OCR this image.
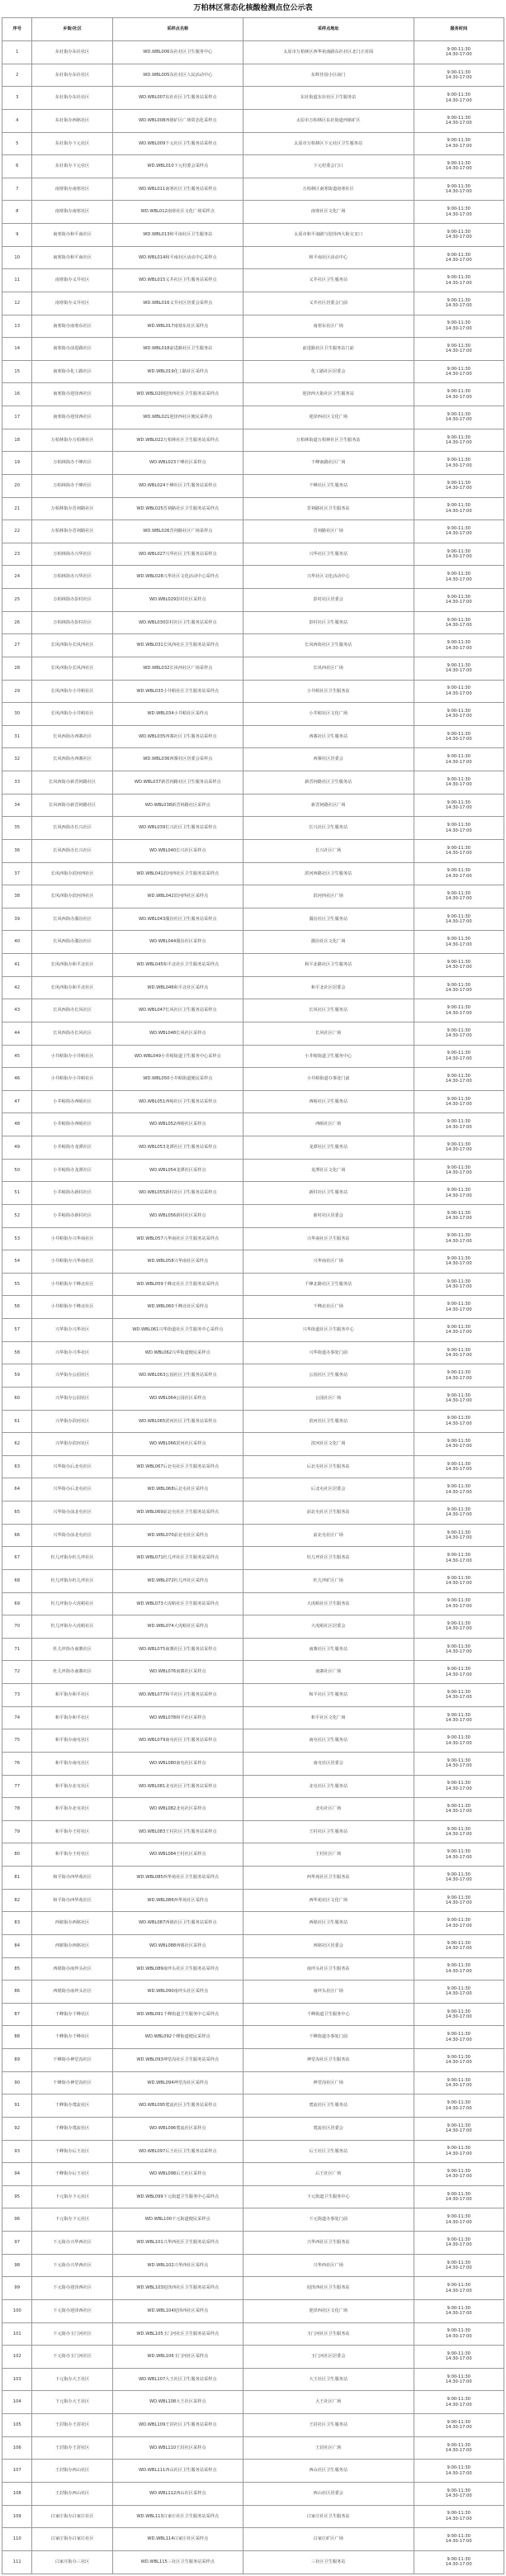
万柏林区常态化核酸检测点位公示表
序号	乡街/社区	采样点名称	采样点地址	服务时间
1	东社街办东社社区	WD.WBL006东社社区卫生服务中心	太原市万柏林区西华苑南路东社社区北门正对面	9:00-11:30
14:30-17:00
2	东社街办东社社区	WD.WBL005东社社区人民活动中心	东辉佳园小区南门	9:00-11:30
14:30-17:00
3	东社街办东社社区	WD.WBL007东社社区卫生服务站采样点	东社街道东社社区卫生服务站	9:00-11:30
14:30-17:00
4	东社街办西铭社区	WD.WBL008西铭矿区广场常态化采样点	太原市万柏林区东社街道西铭矿区	9:00-11:30
14:30-17:00
5	东社街办下元社区	WD.WBL009下元社区卫生服务站采样点	太原市万柏林区下元社区卫生服务站	9:00-11:30
14:30-17:00
6	东社街办下元社区	WD.WBL010下元村委会采样点	下元村委会门口	9:00-11:30
14:30-17:00
7	南寒街办南寒社区	WD.WBL011南寒社区卫生服务站采样点	万柏林区南寒街道南寒社区	9:00-11:30
14:30-17:00
8	南寒街办南寒社区	WD.WBL012南寒社区文化广场采样点	南寒社区文化广场	9:00-11:30
14:30-17:00
9	南寒街办和平南社区	WD.WBL013和平南社区卫生服务站	太原市和平南路与迎泽西大街交叉口	9:00-11:30
14:30-17:00
10	南寒街办和平南社区	WD.WBL014和平南社区活动中心采样点	和平南社区活动中心	9:00-11:30
14:30-17:00
11	南寒街办义井社区	WD.WBL015义井社区卫生服务站采样点	义井社区卫生服务站	9:00-11:30
14:30-17:00
12	南寒街办义井社区	WD.WBL016义井社区居委会采样点	义井社区居委会门前	9:00-11:30
14:30-17:00
13	南寒街办南寒东社区	WD.WBL017南寒东社区采样点	南寒东社区广场	9:00-11:30
14:30-17:00
14	南寒街办前进路社区	WD.WBL018前进路社区卫生服务站	前进路社区卫生服务站门前	9:00-11:30
14:30-17:00
15	南寒街办化工路社区	WD.WBL019化工路社区采样点	化工路社区居委会	9:00-11:30
14:30-17:00
16	南寒街办迎泽西社区	WD.WBL020迎泽西社区卫生服务站采样点	迎泽西大街社区卫生服务站	9:00-11:30
14:30-17:00
17	南寒街办迎泽西社区	WD.WBL021迎泽西社区便民采样点	迎泽西社区文化广场	9:00-11:30
14:30-17:00
18	万柏林街办万柏林社区	WD.WBL022万柏林社区卫生服务站采样点	万柏林街道万柏林社区卫生服务站	9:00-11:30
14:30-17:00
19	万柏林街办千峰社区	WD.WBL023千峰社区采样点	千峰南路社区广场	9:00-11:30
14:30-17:00
20	万柏林街办千峰社区	WD.WBL024千峰社区卫生服务站采样点	千峰社区卫生服务站	9:00-11:30
14:30-17:00
21	万柏林街办晋祠路社区	WD.WBL025晋祠路社区卫生服务站采样点	晋祠路社区卫生服务站	9:00-11:30
14:30-17:00
22	万柏林街办晋祠路社区	WD.WBL026晋祠路社区广场采样点	晋祠路社区广场	9:00-11:30
14:30-17:00
23	万柏林街办兴华社区	WD.WBL027兴华社区卫生服务站采样点	兴华社区卫生服务站	9:00-11:30
14:30-17:00
24	万柏林街办兴华社区	WD.WBL028兴华社区文化活动中心采样点	兴华社区文化活动中心	9:00-11:30
14:30-17:00
25	万柏林街办彭村社区	WD.WBL029彭村社区采样点	彭村社区居委会	9:00-11:30
14:30-17:00
26	万柏林街办彭村社区	WD.WBL030彭村社区卫生服务站采样点	彭村社区卫生服务站	9:00-11:30
14:30-17:00
27	长风西街办长风西社区	WD.WBL031长风西社区卫生服务站采样点	长风西街社区卫生服务站	9:00-11:30
14:30-17:00
28	长风西街办长风西社区	WD.WBL032长风西社区广场采样点	长风西社区广场	9:00-11:30
14:30-17:00
29	长风西街办小井峪社区	WD.WBL033小井峪社区卫生服务站采样点	小井峪社区卫生服务站	9:00-11:30
14:30-17:00
30	长风西街办小井峪社区	WD.WBL034小井峪社区采样点	小井峪社区文化广场	9:00-11:30
14:30-17:00
31	长风西街办西寨社区	WD.WBL035西寨社区卫生服务站采样点	西寨社区卫生服务站	9:00-11:30
14:30-17:00
32	长风西街办西寨社区	WD.WBL036西寨社区居委会采样点	西寨社区居委会	9:00-11:30
14:30-17:00
33	长风西街办新晋祠路社区	WD.WBL037新晋祠路社区卫生服务站采样点	新晋祠路社区卫生服务站	9:00-11:30
14:30-17:00
34	长风西街办新晋祠路社区	WD.WBL038新晋祠路社区采样点	新晋祠路社区广场	9:00-11:30
14:30-17:00
35	长风西街办长兴社区	WD.WBL039长兴社区卫生服务站采样点	长兴社区卫生服务站	9:00-11:30
14:30-17:00
36	长风西街办长兴社区	WD.WBL040长兴社区采样点	长兴社区广场	9:00-11:30
14:30-17:00
37	长风西街办滨河西社区	WD.WBL041滨河西社区卫生服务站采样点	滨河西路社区卫生服务站	9:00-11:30
14:30-17:00
38	长风西街办滨河西社区	WD.WBL042滨河西社区采样点	滨河西社区广场	9:00-11:30
14:30-17:00
39	长风西街办漪汾社区	WD.WBL043漪汾社区卫生服务站采样点	漪汾社区卫生服务站	9:00-11:30
14:30-17:00
40	长风西街办漪汾社区	WD.WBL044漪汾社区采样点	漪汾社区文化广场	9:00-11:30
14:30-17:00
41	长风西街办和平北社区	WD.WBL045和平北社区卫生服务站采样点	和平北路社区卫生服务站	9:00-11:30
14:30-17:00
42	长风西街办和平北社区	WD.WBL046和平北社区采样点	和平北社区居委会	9:00-11:30
14:30-17:00
43	长风西街办长风社区	WD.WBL047长风社区卫生服务站采样点	长风社区卫生服务站	9:00-11:30
14:30-17:00
44	长风西街办长风社区	WD.WBL048长风社区采样点	长风社区广场	9:00-11:30
14:30-17:00
45	小井峪街办小井峪社区	WD.WBL049小井峪街道卫生服务中心采样点	小井峪街道卫生服务中心	9:00-11:30
14:30-17:00
46	小井峪街办小井峪社区	WD.WBL050小井峪街道便民采样点	小井峪街道办事处门前	9:00-11:30
14:30-17:00
47	小井峪街办西峪社区	WD.WBL051西峪社区卫生服务站采样点	西峪社区卫生服务站	9:00-11:30
14:30-17:00
48	小井峪街办西峪社区	WD.WBL052西峪社区采样点	西峪社区广场	9:00-11:30
14:30-17:00
49	小井峪街办龙潭社区	WD.WBL053龙潭社区卫生服务站采样点	龙潭社区卫生服务站	9:00-11:30
14:30-17:00
50	小井峪街办龙潭社区	WD.WBL054龙潭社区采样点	龙潭社区文化广场	9:00-11:30
14:30-17:00
51	小井峪街办新村社区	WD.WBL055新村社区卫生服务站采样点	新村社区卫生服务站	9:00-11:30
14:30-17:00
52	小井峪街办新村社区	WD.WBL056新村社区采样点	新村社区居委会	9:00-11:30
14:30-17:00
53	小井峪街办兴华南社区	WD.WBL057兴华南社区卫生服务站采样点	兴华南社区卫生服务站	9:00-11:30
14:30-17:00
54	小井峪街办兴华南社区	WD.WBL058兴华南社区采样点	兴华南社区广场	9:00-11:30
14:30-17:00
55	小井峪街办千峰北社区	WD.WBL059千峰北社区卫生服务站采样点	千峰北路社区卫生服务站	9:00-11:30
14:30-17:00
56	小井峪街办千峰北社区	WD.WBL060千峰北社区采样点	千峰北社区广场	9:00-11:30
14:30-17:00
57	兴华街办兴华社区	WD.WBL061兴华街道社区卫生服务中心采样点	兴华街道社区卫生服务中心	9:00-11:30
14:30-17:00
58	兴华街办兴华社区	WD.WBL062兴华街道便民采样点	兴华街道办事处门前	9:00-11:30
14:30-17:00
59	兴华街办公园社区	WD.WBL063公园社区卫生服务站采样点	公园社区卫生服务站	9:00-11:30
14:30-17:00
60	兴华街办公园社区	WD.WBL064公园社区采样点	公园社区广场	9:00-11:30
14:30-17:00
61	兴华街办滨河社区	WD.WBL065滨河社区卫生服务站采样点	滨河社区卫生服务站	9:00-11:30
14:30-17:00
62	兴华街办滨河社区	WD.WBL066滨河社区采样点	滨河社区文化广场	9:00-11:30
14:30-17:00
63	兴华街办后北屯社区	WD.WBL067后北屯社区卫生服务站采样点	后北屯社区卫生服务站	9:00-11:30
14:30-17:00
64	兴华街办后北屯社区	WD.WBL068后北屯社区采样点	后北屯社区居委会	9:00-11:30
14:30-17:00
65	兴华街办前北屯社区	WD.WBL069前北屯社区卫生服务站采样点	前北屯社区卫生服务站	9:00-11:30
14:30-17:00
66	兴华街办前北屯社区	WD.WBL070前北屯社区采样点	前北屯社区广场	9:00-11:30
14:30-17:00
67	杜儿坪街办杜儿坪社区	WD.WBL071杜儿坪社区卫生服务站采样点	杜儿坪社区卫生服务站	9:00-11:30
14:30-17:00
68	杜儿坪街办杜儿坪社区	WD.WBL072杜儿坪社区采样点	杜儿坪矿区广场	9:00-11:30
14:30-17:00
69	杜儿坪街办大虎峪社区	WD.WBL073大虎峪社区卫生服务站采样点	大虎峪社区卫生服务站	9:00-11:30
14:30-17:00
70	杜儿坪街办大虎峪社区	WD.WBL074大虎峪社区采样点	大虎峪社区居委会	9:00-11:30
14:30-17:00
71	杜儿坪街办南寨社区	WD.WBL075南寨社区卫生服务站采样点	南寨社区卫生服务站	9:00-11:30
14:30-17:00
72	杜儿坪街办南寨社区	WD.WBL076南寨社区采样点	南寨社区广场	9:00-11:30
14:30-17:00
73	和平街办和平社区	WD.WBL077和平社区卫生服务站采样点	和平社区卫生服务站	9:00-11:30
14:30-17:00
74	和平街办和平社区	WD.WBL078和平社区采样点	和平社区文化广场	9:00-11:30
14:30-17:00
75	和平街办南屯社区	WD.WBL079南屯社区卫生服务站采样点	南屯社区卫生服务站	9:00-11:30
14:30-17:00
76	和平街办南屯社区	WD.WBL080南屯社区采样点	南屯社区居委会	9:00-11:30
14:30-17:00
77	和平街办北屯社区	WD.WBL081北屯社区卫生服务站采样点	北屯社区卫生服务站	9:00-11:30
14:30-17:00
78	和平街办北屯社区	WD.WBL082北屯社区采样点	北屯社区广场	9:00-11:30
14:30-17:00
79	和平街办王村社区	WD.WBL083王村社区卫生服务站采样点	王村社区卫生服务站	9:00-11:30
14:30-17:00
80	和平街办王村社区	WD.WBL084王村社区采样点	王村社区广场	9:00-11:30
14:30-17:00
81	和平街办西华苑社区	WD.WBL085西华苑社区卫生服务站采样点	西华苑社区卫生服务站	9:00-11:30
14:30-17:00
82	和平街办西华苑社区	WD.WBL086西华苑社区采样点	西华苑社区文化广场	9:00-11:30
14:30-17:00
83	西铭街办西铭社区	WD.WBL087西铭社区卫生服务站采样点	西铭社区卫生服务站	9:00-11:30
14:30-17:00
84	西铭街办西铭社区	WD.WBL088西铭社区采样点	西铭社区居委会	9:00-11:30
14:30-17:00
85	西铭街办南坪头社区	WD.WBL089南坪头社区卫生服务站采样点	南坪头社区卫生服务站	9:00-11:30
14:30-17:00
86	西铭街办南坪头社区	WD.WBL090南坪头社区采样点	南坪头社区广场	9:00-11:30
14:30-17:00
87	千峰街办千峰社区	WD.WBL091千峰街道卫生服务中心采样点	千峰街道卫生服务中心	9:00-11:30
14:30-17:00
88	千峰街办千峰社区	WD.WBL092千峰街道便民采样点	千峰街道办事处门前	9:00-11:30
14:30-17:00
89	千峰街办神堂沟社区	WD.WBL093神堂沟社区卫生服务站采样点	神堂沟社区卫生服务站	9:00-11:30
14:30-17:00
90	千峰街办神堂沟社区	WD.WBL094神堂沟社区采样点	神堂沟社区广场	9:00-11:30
14:30-17:00
91	千峰街办窊流社区	WD.WBL095窊流社区卫生服务站采样点	窊流社区卫生服务站	9:00-11:30
14:30-17:00
92	千峰街办窊流社区	WD.WBL096窊流社区采样点	窊流社区居委会	9:00-11:30
14:30-17:00
93	千峰街办后王社区	WD.WBL097后王社区卫生服务站采样点	后王社区卫生服务站	9:00-11:30
14:30-17:00
94	千峰街办后王社区	WD.WBL098后王社区采样点	后王社区广场	9:00-11:30
14:30-17:00
95	下元街办下元社区	WD.WBL099下元街道卫生服务中心采样点	下元街道卫生服务中心	9:00-11:30
14:30-17:00
96	下元街办下元社区	WD.WBL100下元街道便民采样点	下元街道办事处门前	9:00-11:30
14:30-17:00
97	下元街办兴华西社区	WD.WBL101兴华西社区卫生服务站采样点	兴华西社区卫生服务站	9:00-11:30
14:30-17:00
98	下元街办兴华西社区	WD.WBL102兴华西社区采样点	兴华西社区广场	9:00-11:30
14:30-17:00
99	下元街办迎泽西社区	WD.WBL103迎泽西社区卫生服务站采样点	迎泽西社区卫生服务站	9:00-11:30
14:30-17:00
100	下元街办迎泽西社区	WD.WBL104迎泽西社区采样点	迎泽西社区文化广场	9:00-11:30
14:30-17:00
101	下元街办玉门河社区	WD.WBL105玉门河社区卫生服务站采样点	玉门河社区卫生服务站	9:00-11:30
14:30-17:00
102	下元街办玉门河社区	WD.WBL106玉门河社区采样点	玉门河社区居委会	9:00-11:30
14:30-17:00
103	下元街办大王社区	WD.WBL107大王社区卫生服务站采样点	大王社区卫生服务站	9:00-11:30
14:30-17:00
104	下元街办大王社区	WD.WBL108大王社区采样点	大王社区广场	9:00-11:30
14:30-17:00
105	王封街办王封社区	WD.WBL109王封社区卫生服务站采样点	王封社区卫生服务站	9:00-11:30
14:30-17:00
106	王封街办王封社区	WD.WBL110王封社区采样点	王封社区广场	9:00-11:30
14:30-17:00
107	王封街办西山社区	WD.WBL111西山社区卫生服务站采样点	西山社区卫生服务站	9:00-11:30
14:30-17:00
108	王封街办西山社区	WD.WBL112西山社区采样点	西山社区居委会	9:00-11:30
14:30-17:00
109	白家庄街办白家庄社区	WD.WBL113白家庄社区卫生服务站采样点	白家庄社区卫生服务站	9:00-11:30
14:30-17:00
110	白家庄街办白家庄社区	WD.WBL114白家庄社区采样点	白家庄矿区广场	9:00-11:30
14:30-17:00
111	白家庄街办三社区	WD.WBL115三社区卫生服务站采样点	三社区卫生服务站	9:00-11:30
14:30-17:00
